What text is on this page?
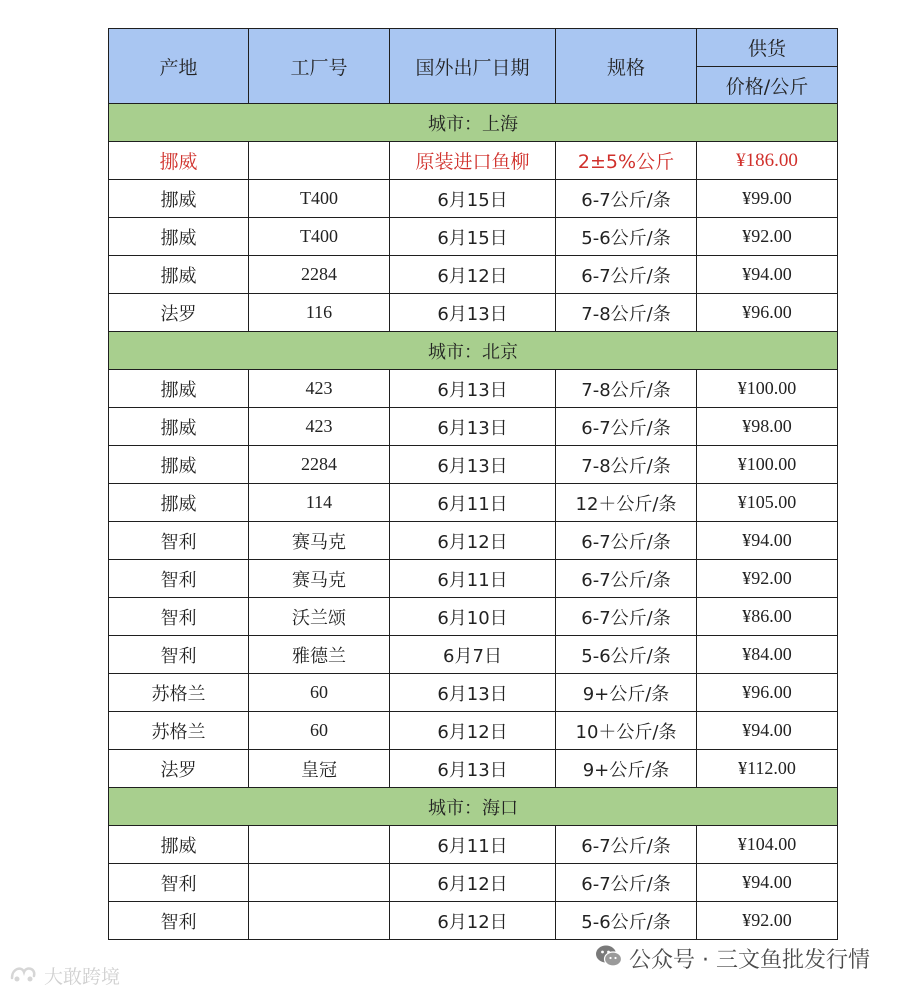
产地	工厂号	国外出厂日期	规格	供货
				价格/公斤
城市：上海				
挪威		原装进口鱼柳	2±5%公斤	¥186.00
挪威	T400	6月15日	6-7公斤/条	¥99.00
挪威	T400	6月15日	5-6公斤/条	¥92.00
挪威	2284	6月12日	6-7公斤/条	¥94.00
法罗	116	6月13日	7-8公斤/条	¥96.00
城市：北京				
挪威	423	6月13日	7-8公斤/条	¥100.00
挪威	423	6月13日	6-7公斤/条	¥98.00
挪威	2284	6月13日	7-8公斤/条	¥100.00
挪威	114	6月11日	12＋公斤/条	¥105.00
智利	赛马克	6月12日	6-7公斤/条	¥94.00
智利	赛马克	6月11日	6-7公斤/条	¥92.00
智利	沃兰颂	6月10日	6-7公斤/条	¥86.00
智利	雅德兰	6月7日	5-6公斤/条	¥84.00
苏格兰	60	6月13日	9+公斤/条	¥96.00
苏格兰	60	6月12日	10＋公斤/条	¥94.00
法罗	皇冠	6月13日	9+公斤/条	¥112.00
城市：海口				
挪威		6月11日	6-7公斤/条	¥104.00
智利		6月12日	6-7公斤/条	¥94.00
智利		6月12日	5-6公斤/条	¥92.00
公众号 · 三文鱼批发行情
大敢跨境
